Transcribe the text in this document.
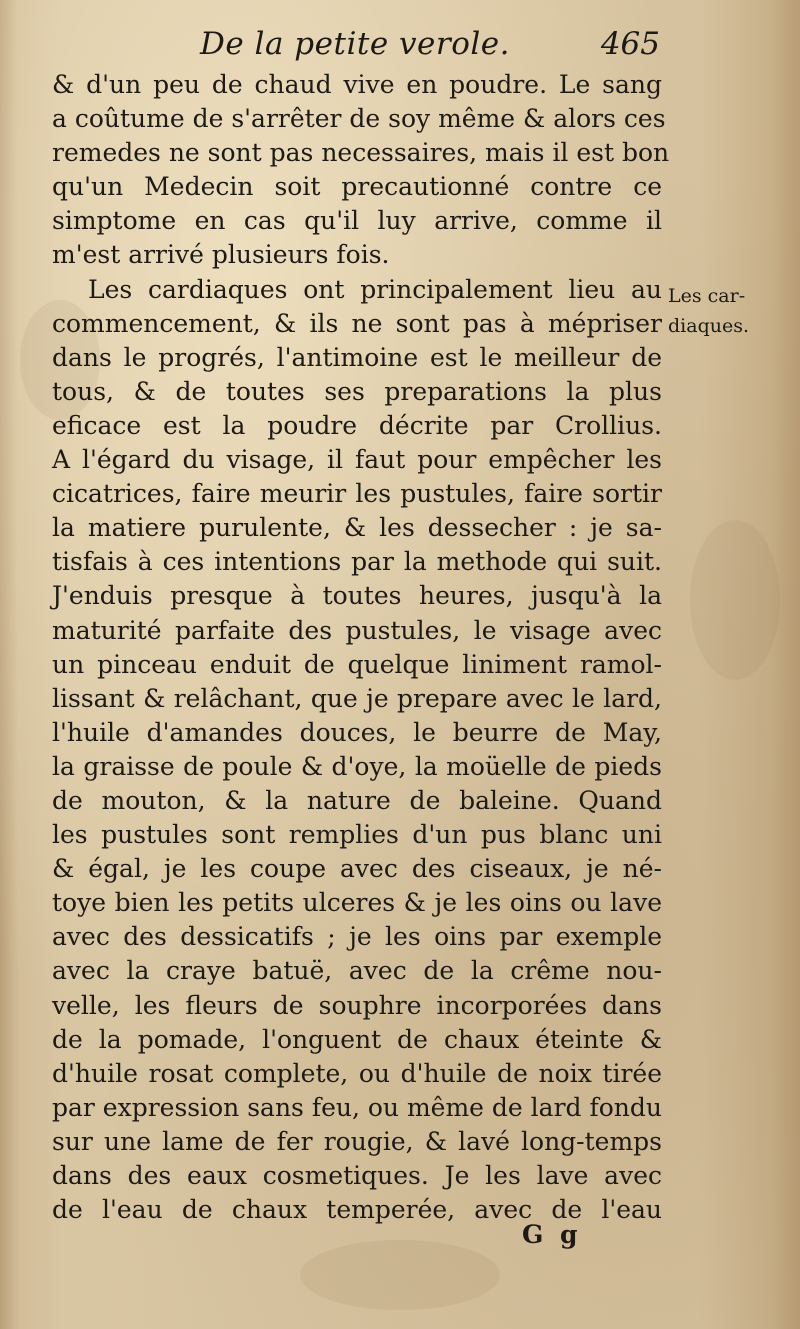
De la petite verole.	465
& d'un peu de chaud vive en poudre. Le sang
a coûtume de s'arrêter de soy même & alors ces
remedes ne sont pas necessaires, mais il est bon
qu'un Medecin soit precautionné contre ce
simptome en cas qu'il luy arrive, comme il
m'est arrivé plusieurs fois.
Les cardiaques ont principalement lieu au
commencement, & ils ne sont pas à mépriser
dans le progrés, l'antimoine est le meilleur de
tous, & de toutes ses preparations la plus
eficace est la poudre décrite par Crollius.
A l'égard du visage, il faut pour empêcher les
cicatrices, faire meurir les pustules, faire sortir
la matiere purulente, & les dessecher : je sa-
tisfais à ces intentions par la methode qui suit.
J'enduis presque à toutes heures, jusqu'à la
maturité parfaite des pustules, le visage avec
un pinceau enduit de quelque liniment ramol-
lissant & relâchant, que je prepare avec le lard,
l'huile d'amandes douces, le beurre de May,
la graisse de poule & d'oye, la moüelle de pieds
de mouton, & la nature de baleine. Quand
les pustules sont remplies d'un pus blanc uni
& égal, je les coupe avec des ciseaux, je né-
toye bien les petits ulceres & je les oins ou lave
avec des dessicatifs ; je les oins par exemple
avec la craye batuë, avec de la crême nou-
velle, les fleurs de souphre incorporées dans
de la pomade, l'onguent de chaux éteinte &
d'huile rosat complete, ou d'huile de noix tirée
par expression sans feu, ou même de lard fondu
sur une lame de fer rougie, & lavé long-temps
dans des eaux cosmetiques. Je les lave avec
de l'eau de chaux temperée, avec de l'eau
Les car-
diaques.
G g
